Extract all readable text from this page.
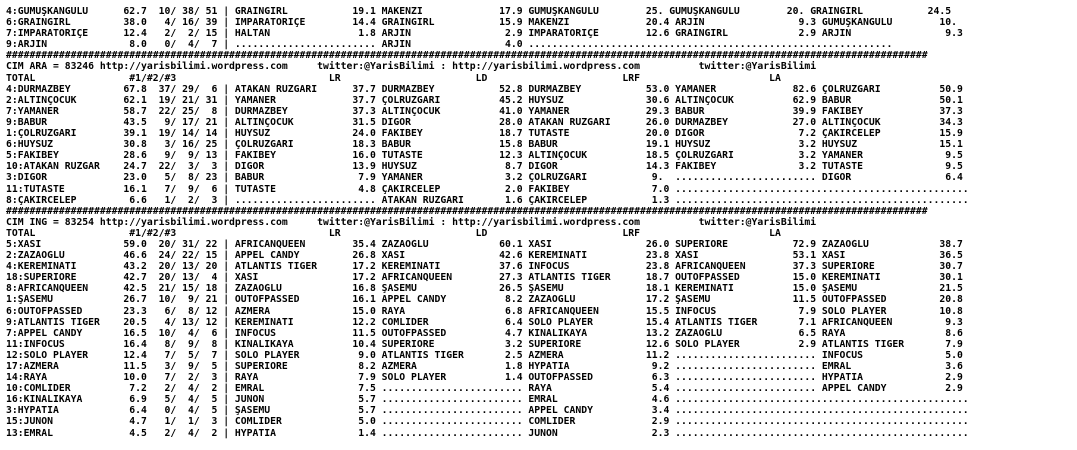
4:GÜMÜŞKANGÜLÜ      62.7  10/ 38/ 51 | GRAINGIRL           19.1 MAKENZİ             17.9 GÜMÜŞKANGÜLÜ        25. GÜMÜŞKANGÜLÜ        20. GRAINGIRL           24.5
6:GRAINGIRL         38.0   4/ 16/ 39 | İMPARATORİÇE        14.4 GRAINGIRL           15.9 MAKENZİ             20.4 ARJİN                9.3 GÜMÜŞKANGÜLÜ        10.
7:İMPARATORİÇE      12.4   2/  2/ 15 | HALTAN               1.8 ARJİN                2.9 İMPARATORİÇE        12.6 GRAINGIRL            2.9 ARJİN                9.3
9:ARJİN              8.0   0/  4/  7 | ........................ ARJİN                4.0 ..............................................................
#############################################################################################################################################################
CIM ARA = 83246 http://yarisbilimi.wordpress.com     twitter:@YarisBilimi : http://yarisbilimi.wordpress.com          twitter:@YarisBilimi
TOTAL                #1/#2/#3                          LR                       LD                       LRF                      LA
4:DURMAZBEY         67.8  37/ 29/  6 | ATAKAN RÜZGARI      37.7 DURMAZBEY           52.8 DURMAZBEY           53.0 YAMANER             82.6 ÇÖLRÜZGARI          50.9
2:ALTINÇOCUK        62.1  19/ 21/ 31 | YAMANER             37.7 ÇÖLRÜZGARI          45.2 HUYSUZ              30.6 ALTINÇOCUK          62.9 BABÜR               50.1
7:YAMANER           58.7  22/ 25/  8 | DURMAZBEY           37.3 ALTINÇOCUK          41.0 YAMANER             29.3 BABÜR               39.9 FAKIBEY             37.3
9:BABÜR             43.5   9/ 17/ 21 | ALTINÇOCUK          31.5 DİGOR               28.0 ATAKAN RÜZGARI      26.0 DURMAZBEY           27.0 ALTINÇOCUK          34.3
1:ÇÖLRÜZGARI        39.1  19/ 14/ 14 | HUYSUZ              24.0 FAKIBEY             18.7 TUTASTE             20.0 DİGOR                7.2 ÇAKIRCELEP          15.9
6:HUYSUZ            30.8   3/ 16/ 25 | ÇÖLRÜZGARI          18.3 BABÜR               15.8 BABÜR               19.1 HUYSUZ               3.2 HUYSUZ              15.1
5:FAKIBEY           28.6   9/  9/ 13 | FAKIBEY             16.0 TUTASTE             12.3 ALTINÇOCUK          18.5 ÇÖLRÜZGARI           3.2 YAMANER              9.5
10:ATAKAN RÜZGAR    24.7  22/  3/  3 | DİGOR               13.9 HUYSUZ               8.7 DİGOR               14.3 FAKIBEY              3.2 TUTASTE              9.5
3:DİGOR             23.0   5/  8/ 23 | BABÜR                7.9 YAMANER              3.2 ÇÖLRÜZGARI           9.  ........................ DİGOR                6.4
11:TUTASTE          16.1   7/  9/  6 | TUTASTE              4.8 ÇAKIRCELEP           2.0 FAKIBEY              7.0 ..................................................
8:ÇAKIRCELEP         6.6   1/  2/  3 | ........................ ATAKAN RÜZGARI       1.6 ÇAKIRCELEP           1.3 ..................................................
#############################################################################################################################################################
CIM ING = 83254 http://yarisbilimi.wordpress.com     twitter:@YarisBilimi : http://yarisbilimi.wordpress.com          twitter:@YarisBilimi
TOTAL                #1/#2/#3                          LR                       LD                       LRF                      LA
5:XASİ              59.0  20/ 31/ 22 | AFRICANQUEEN        35.4 ZAZAOĞLU            60.1 XASİ                26.0 SUPERIORE           72.9 ZAZAOĞLU            38.7
2:ZAZAOĞLU          46.6  24/ 22/ 15 | APPEL CANDY         26.8 XASİ                42.6 KEREMİNATI          23.8 XASİ                53.1 XASİ                36.5
4:KEREMİNATI        43.2  20/ 13/ 20 | ATLANTIS TIGER      17.2 KEREMİNATI          37.6 INFOCUS             23.8 AFRICANQUEEN        37.3 SUPERIORE           30.7
18:SUPERIORE        42.7  20/ 13/  4 | XASİ                17.2 AFRICANQUEEN        27.3 ATLANTIS TIGER      18.7 OUTOFPASSED         15.0 KEREMİNATI          30.1
8:AFRICANQUEEN      42.5  21/ 15/ 18 | ZAZAOĞLU            16.8 ŞASEMU              26.5 ŞASEMU              18.1 KEREMİNATI          15.0 ŞASEMU              21.5
1:ŞASEMU            26.7  10/  9/ 21 | OUTOFPASSED         16.1 APPEL CANDY          8.2 ZAZAOĞLU            17.2 ŞASEMU              11.5 OUTOFPASSED         20.8
6:OUTOFPASSED       23.3   6/  8/ 12 | AZMERA              15.0 RAYA                 6.8 AFRICANQUEEN        15.5 INFOCUS              7.9 SOLO PLAYER         10.8
9:ATLANTIS TIGER    20.5   4/ 13/ 12 | KEREMİNATI          12.2 COMLIDER             6.4 SOLO PLAYER         15.4 ATLANTIS TIGER       7.1 AFRICANQUEEN         9.3
7:APPEL CANDY       16.5  10/  4/  6 | INFOCUS             11.5 OUTOFPASSED          4.7 KINALIKAYA          13.2 ZAZAOĞLU             6.5 RAYA                 8.6
11:INFOCUS          16.4   8/  9/  8 | KINALIKAYA          10.4 SUPERIORE            3.2 SUPERIORE           12.6 SOLO PLAYER          2.9 ATLANTIS TIGER       7.9
12:SOLO PLAYER      12.4   7/  5/  7 | SOLO PLAYER          9.0 ATLANTIS TIGER       2.5 AZMERA              11.2 ........................ INFOCUS              5.0
17:AZMERA           11.5   3/  9/  5 | SUPERIORE            8.2 AZMERA               1.8 HYPATIA              9.2 ........................ EMRAL                3.6
14:RAYA             10.0   7/  2/  3 | RAYA                 7.9 SOLO PLAYER          1.4 OUTOFPASSED          6.3 ........................ HYPATIA              2.9
10:COMLIDER          7.2   2/  4/  2 | EMRAL                7.5 ........................ RAYA                 5.4 ........................ APPEL CANDY          2.9
16:KINALIKAYA        6.9   5/  4/  5 | JUNON                5.7 ........................ EMRAL                4.6 ..................................................
3:HYPATIA            6.4   0/  4/  5 | ŞASEMU               5.7 ........................ APPEL CANDY          3.4 ..................................................
15:JUNON             4.7   1/  1/  3 | COMLIDER             5.0 ........................ COMLIDER             2.9 ..................................................
13:EMRAL             4.5   2/  4/  2 | HYPATIA              1.4 ........................ JUNON                2.3 ..................................................
